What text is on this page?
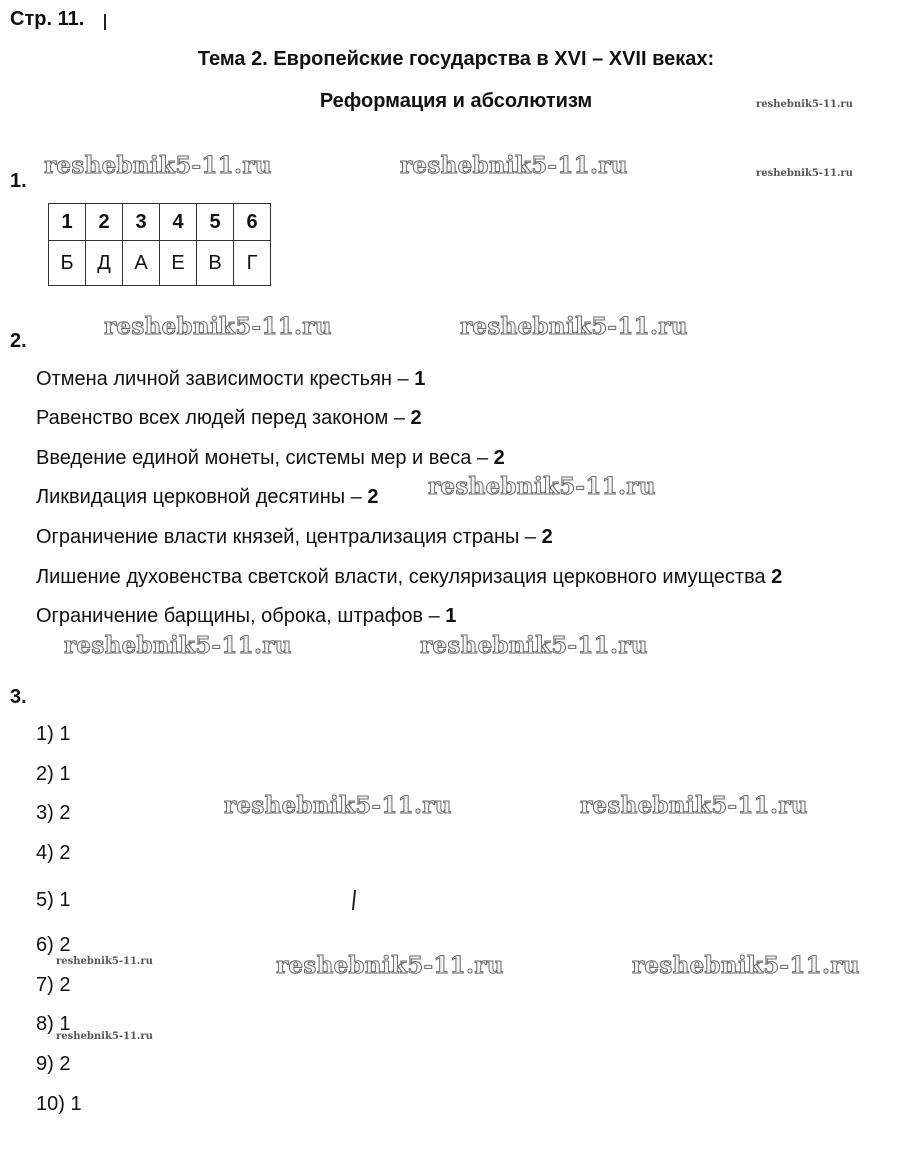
Стр. 11.
Тема 2. Европейские государства в XVI – XVII веках:
Реформация и абсолютизм	reshebnik5-11.ru
reshebnik5-11.ru
reshebnik5-11.ru	reshebnik5-11.ru
reshebnik5-11.ru	reshebnik5-11.ru
reshebnik5-11.ru
reshebnik5-11.ru	reshebnik5-11.ru
reshebnik5-11.ru	reshebnik5-11.ru
reshebnik5-11.ru	reshebnik5-11.ru
reshebnik5-11.ru
reshebnik5-11.ru
1.
1	2	3	4	5	6
Б	Д	А	Е	В	Г
2.
Отмена личной зависимости крестьян – 1
Равенство всех людей перед законом – 2
Введение единой монеты, системы мер и веса – 2
Ликвидация церковной десятины – 2
Ограничение власти князей, централизация страны – 2
Лишение духовенства светской власти, секуляризация церковного имущества 2
Ограничение барщины, оброка, штрафов – 1
3.
1) 1
2) 1
3) 2
4) 2
5) 1
6) 2
7) 2
8) 1
9) 2
10) 1
